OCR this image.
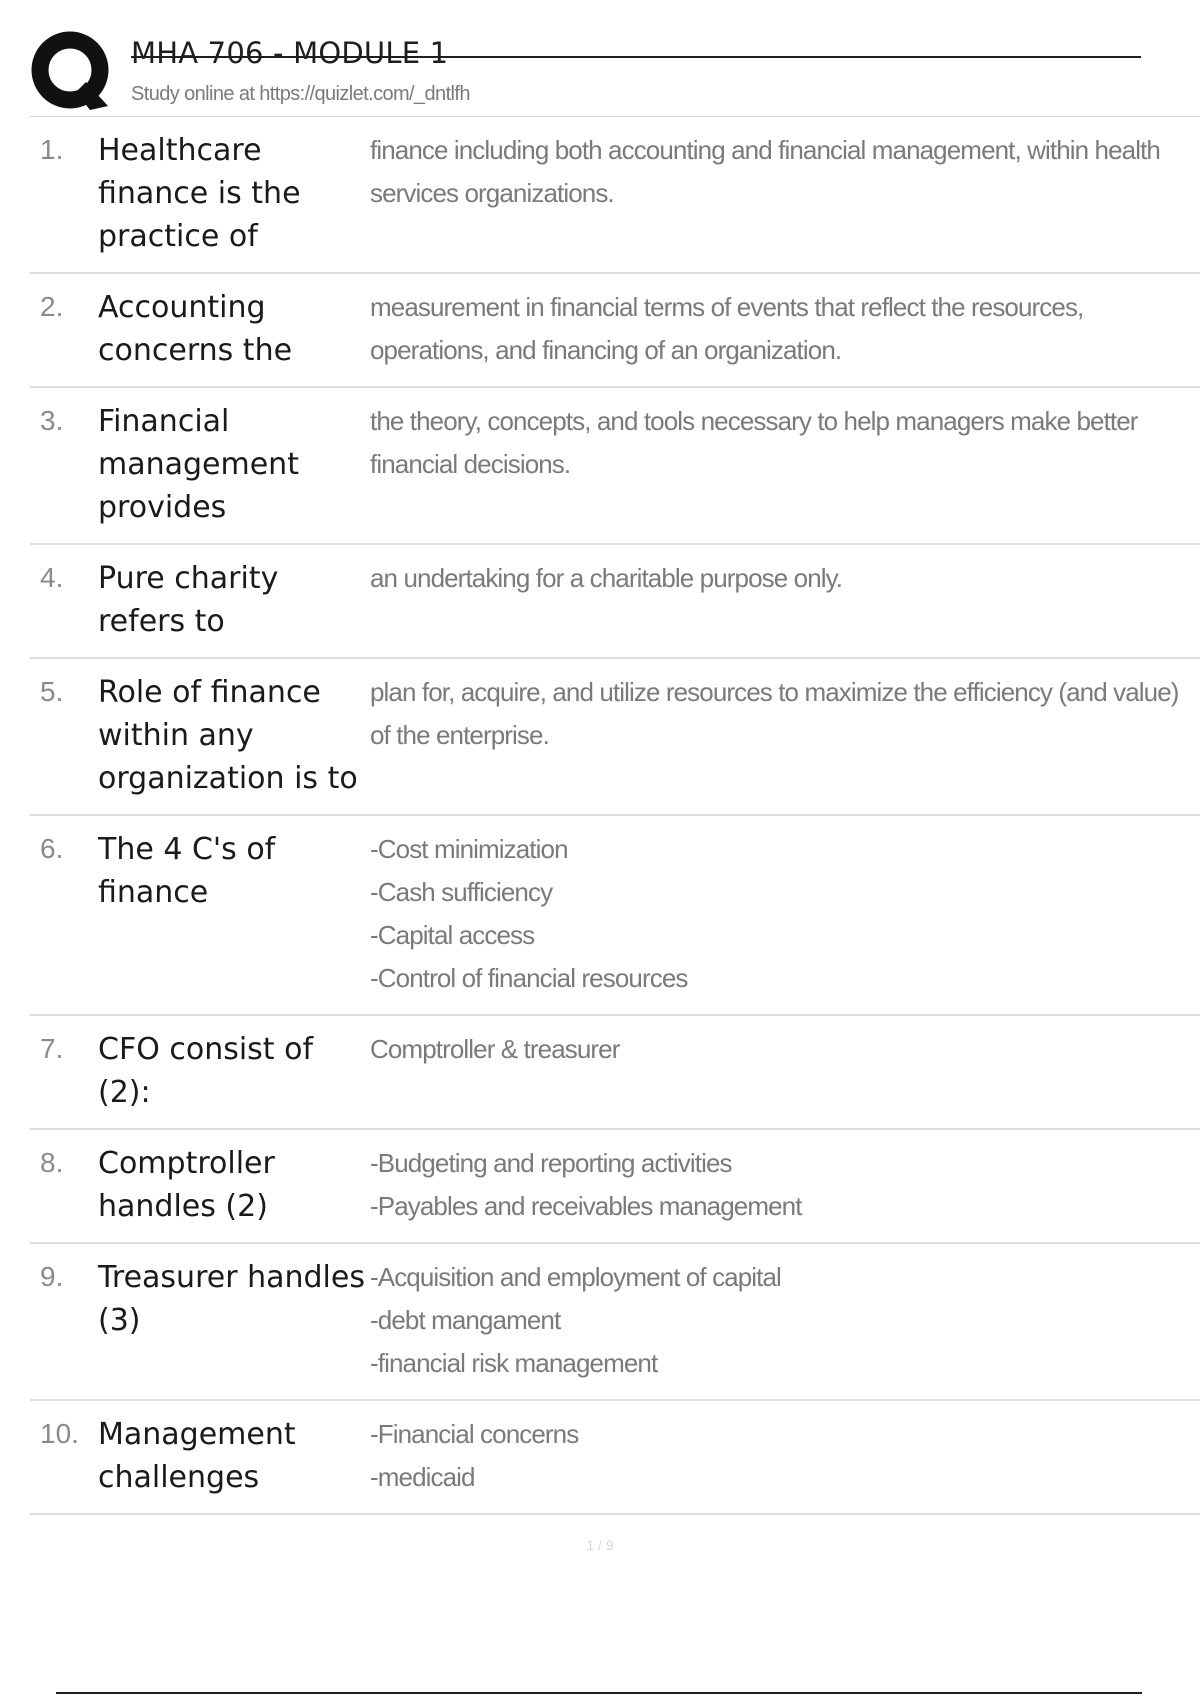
MHA 706 - MODULE 1
Study online at https://quizlet.com/_dntlfh
1.	Healthcare finance is the practice of
finance including both accounting and financial management, within health services organizations.
2.	Accounting concerns the
measurement in financial terms of events that reflect the resources, operations, and financing of an organization.
3.	Financial management provides
the theory, concepts, and tools necessary to help managers make better financial decisions.
4.	Pure charity refers to
an undertaking for a charitable purpose only.
5.	Role of finance within any organization is to
plan for, acquire, and utilize resources to maximize the efficiency (and value) of the enterprise.
6.	The 4 C's of finance
-Cost minimization
-Cash sufficiency
-Capital access
-Control of financial resources
7.	CFO consist of (2):
Comptroller & treasurer
8.	Comptroller handles (2)
-Budgeting and reporting activities
-Payables and receivables management
9.	Treasurer handles (3)
-Acquisition and employment of capital
-debt mangament
-financial risk management
10. Management challenges
-Financial concerns
-medicaid
1 / 9
